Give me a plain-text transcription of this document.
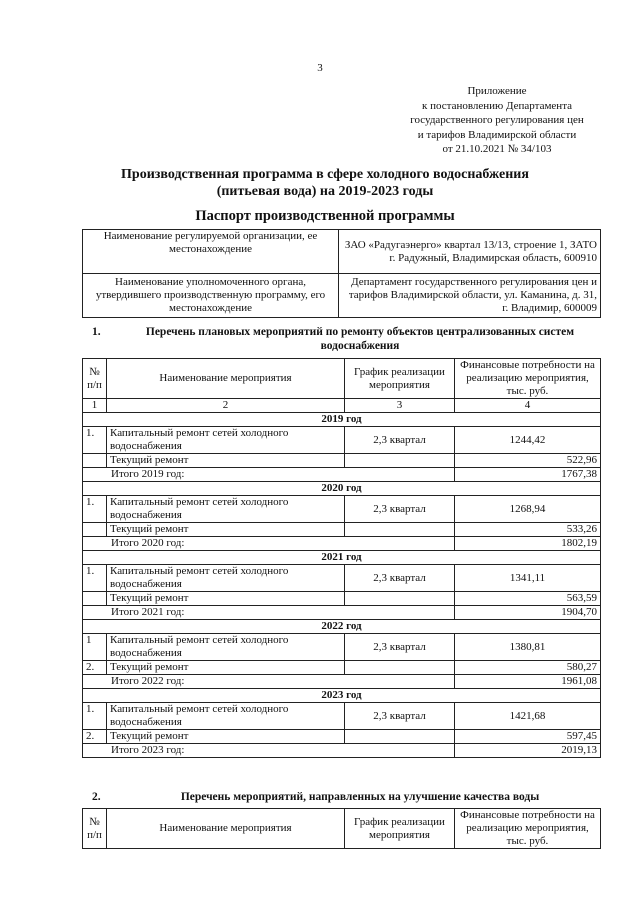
3
Приложение
к постановлению Департамента
государственного регулирования цен
и тарифов Владимирской области
от 21.10.2021 № 34/103
Производственная программа в сфере холодного водоснабжения (питьевая вода) на 2019-2023 годы
Паспорт производственной программы
Наименование регулируемой организации, ее местонахождение	ЗАО «Радугаэнерго» квартал 13/13, строение 1, ЗАТО г. Радужный, Владимирская область, 600910
Наименование уполномоченного органа, утвердившего производственную программу, его местонахождение	Департамент государственного регулирования цен и тарифов Владимирской области, ул. Каманина, д. 31, г. Владимир, 600009
1.	Перечень плановых мероприятий по ремонту объектов централизованных систем водоснабжения
№ п/п	Наименование мероприятия	График реализации мероприятия	Финансовые потребности на реализацию мероприятия, тыс. руб.
1	2	3	4
2019 год			
1.	Капитальный ремонт сетей холодного водоснабжения	2,3 квартал	1244,42
	Текущий ремонт		522,96
Итого 2019 год:			1767,38
2020 год			
1.	Капитальный ремонт сетей холодного водоснабжения	2,3 квартал	1268,94
	Текущий ремонт		533,26
Итого 2020 год:			1802,19
2021 год			
1.	Капитальный ремонт сетей холодного водоснабжения	2,3 квартал	1341,11
	Текущий ремонт		563,59
Итого 2021 год:			1904,70
2022 год			
1	Капитальный ремонт сетей холодного водоснабжения	2,3 квартал	1380,81
2.	Текущий ремонт		580,27
Итого 2022 год:			1961,08
2023 год			
1.	Капитальный ремонт сетей холодного водоснабжения	2,3 квартал	1421,68
2.	Текущий ремонт		597,45
Итого 2023 год:			2019,13
2.	Перечень мероприятий, направленных на улучшение качества воды
№ п/п	Наименование мероприятия	График реализации мероприятия	Финансовые потребности на реализацию мероприятия, тыс. руб.
